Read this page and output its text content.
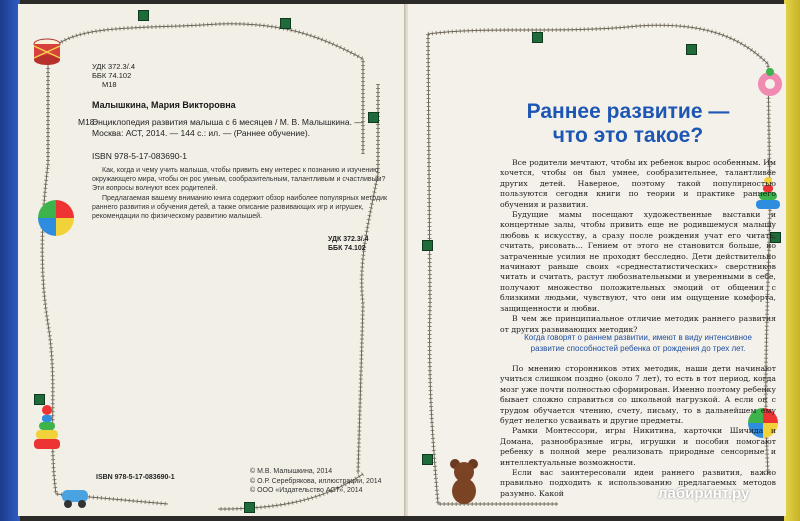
УДК 372.3/.4
ББК 74.102
М18
Малышкина, Мария Викторовна
М18
Энциклопедия развития малыша с 6 месяцев / М. В. Малышкина. — Москва: АСТ, 2014. — 144 с.: ил. — (Раннее обучение).
ISBN 978-5-17-083690-1
Как, когда и чему учить малыша, чтобы привить ему интерес к познанию и изучению окружающего мира, чтобы он рос умным, сообразительным, талантливым и счастливым? Эти вопросы волнуют всех родителей.
Предлагаемая вашему вниманию книга содержит обзор наиболее популярных методик раннего развития и обучения детей, а также описание развивающих игр и игрушек, рекомендации по физическому развитию малышей.
УДК 372.3/.4
ББК 74.102
ISBN 978-5-17-083690-1
© М.В. Малышкина, 2014
© О.Р. Серебрякова, иллюстрации, 2014
© ООО «Издательство АСТ», 2014
Раннее развитие —
что это такое?

Все родители мечтают, чтобы их ребенок вырос особенным. Им хочется, чтобы он был умнее, сообразительнее, талантливее других детей. Наверное, поэтому такой популярностью пользуются сегодня книги по теории и практике раннего обучения и развития.

Будущие мамы посещают художественные выставки и концертные залы, чтобы привить еще не родившемуся малышу любовь к искусству, а сразу после рождения учат его читать, считать, рисовать... Гением от этого не становится больше, но затраченные усилия не проходят бесследно. Дети действительно начинают раньше своих «среднестатистических» сверстников читать и считать, растут любознательными и уверенными в себе, получают множество положительных эмоций от общения с близкими людьми, чувствуют, что они им ощущение комфорта, защищенности и любви.

В чем же принципиальное отличие методик раннего развития от других развивающих методик?

Когда говорят о раннем развитии, имеют в виду интенсивное развитие способностей ребенка от рождения до трех лет.

По мнению сторонников этих методик, наши дети начинают учиться слишком поздно (около 7 лет), то есть в тот период, когда мозг уже почти полностью сформирован. Именно поэтому ребенку бывает сложно справиться со школьной нагрузкой. А если он с трудом обучается чтению, счету, письму, то в дальнейшем ему будет нелегко усваивать и другие предметы.

Рамки Монтессори, игры Никитина, карточки Шичида и Домана, разнообразные игры, игрушки и пособия помогают ребенку в полной мере реализовать природные сенсорные и интеллектуальные возможности.

Если вас заинтересовали идеи раннего развития, важно правильно подходить к использованию предлагаемых методов разумно. Какой	лабиринт.ру
